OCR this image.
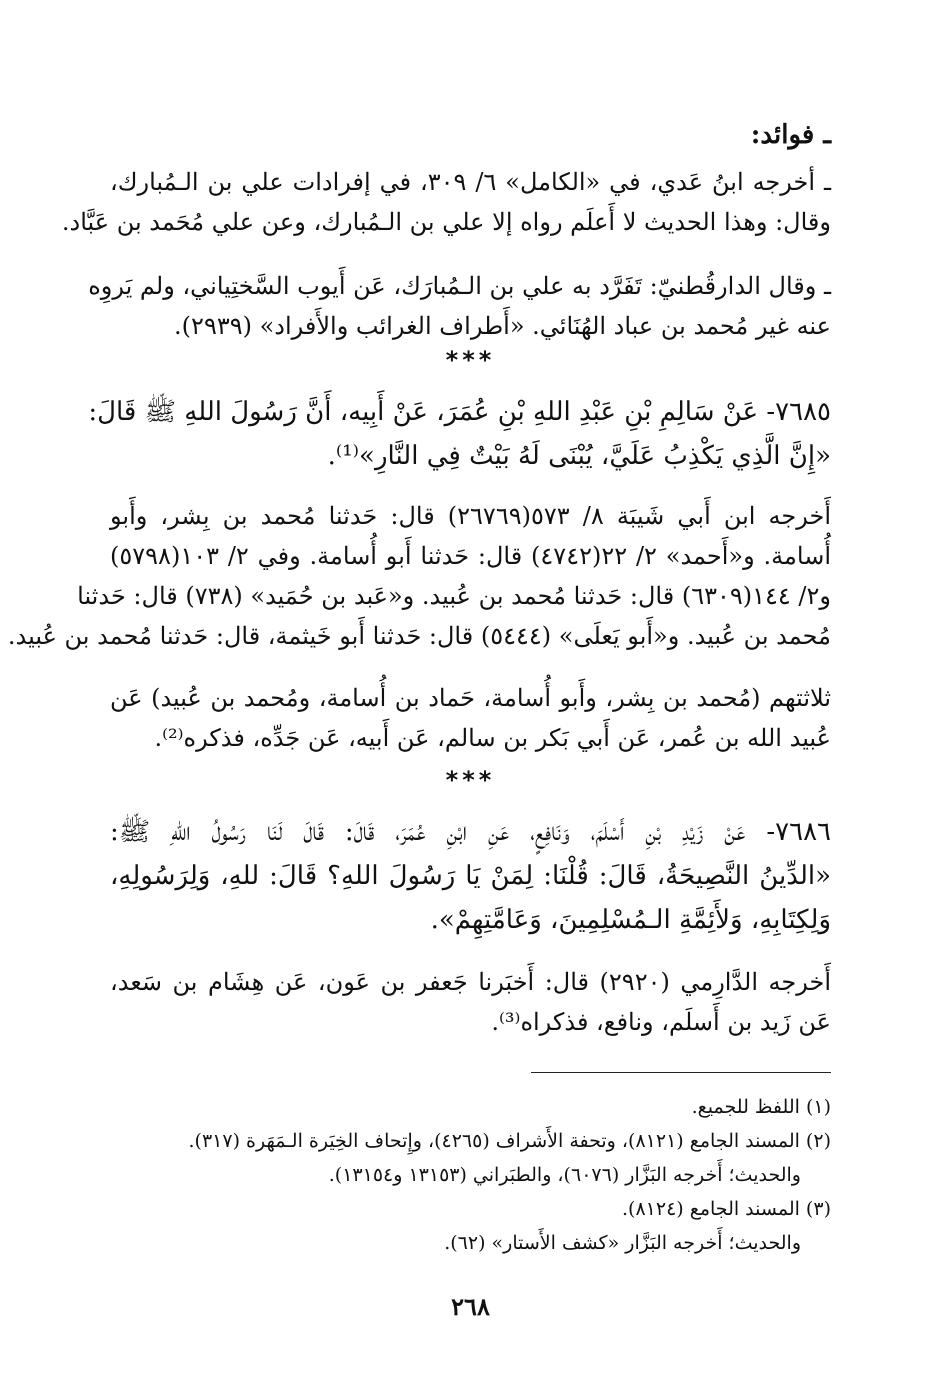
ـ فوائد:
ـ أخرجه ابنُ عَدي، في «الكامل» ٦/ ٣٠٩، في إفرادات علي بن الـمُبارك،
وقال: وهذا الحديث لا أَعلَم رواه إلا علي بن الـمُبارك، وعن علي مُحَمد بن عَبَّاد.
ـ وقال الدارقُطنيّ: تَفَرَّد به علي بن الـمُبارَك، عَن أَيوب السَّختِياني، ولم يَروِه
عنه غير مُحمد بن عباد الهُنَائي. «أَطراف الغرائب والأَفراد» (٢٩٣٩).
***
٧٦٨٥- عَنْ سَالِمِ بْنِ عَبْدِ اللهِ بْنِ عُمَرَ، عَنْ أَبِيه، أَنَّ رَسُولَ اللهِ ﷺ قَالَ:
«إِنَّ الَّذِي يَكْذِبُ عَلَيَّ، يُبْنَى لَهُ بَيْتٌ فِي النَّارِ»⁽¹⁾.
أَخرجه ابن أَبي شَيبَة ٨/ ٥٧٣(٢٦٧٦٩) قال: حَدثنا مُحمد بن بِشر، وأَبو
أُسامة. و«أَحمد» ٢/ ٢٢(٤٧٤٢) قال: حَدثنا أَبو أُسامة. وفي ٢/ ١٠٣(٥٧٩٨)
و٢/ ١٤٤(٦٣٠٩) قال: حَدثنا مُحمد بن عُبيد. و«عَبد بن حُمَيد» (٧٣٨) قال: حَدثنا
مُحمد بن عُبيد. و«أَبو يَعلَى» (٥٤٤٤) قال: حَدثنا أَبو خَيثمة، قال: حَدثنا مُحمد بن عُبيد.
ثلاثتهم (مُحمد بن بِشر، وأَبو أُسامة، حَماد بن أُسامة، ومُحمد بن عُبيد) عَن
عُبيد الله بن عُمر، عَن أَبي بَكر بن سالم، عَن أَبيه، عَن جَدِّه، فذكره⁽²⁾.
***
٧٦٨٦- عَنْ زَيْدِ بْنِ أَسْلَمَ، وَنَافِعٍ، عَنِ ابْنِ عُمَرَ، قَالَ: قَالَ لَنَا رَسُولُ اللهِ ﷺ:
«الدِّينُ النَّصِيحَةُ، قَالَ: قُلْنَا: لِمَنْ يَا رَسُولَ اللهِ؟ قَالَ: للهِ، وَلِرَسُولِهِ،
وَلِكِتَابِهِ، وَلأَئِمَّةِ الـمُسْلِمِينَ، وَعَامَّتِهِمْ».
أَخرجه الدَّارِمي (٢٩٢٠) قال: أَخبَرنا جَعفر بن عَون، عَن هِشَام بن سَعد،
عَن زَيد بن أَسلَم، ونافع، فذكراه⁽³⁾.
(١) اللفظ للجميع.
(٢) المسند الجامع (٨١٢١)، وتحفة الأَشراف (٤٢٦٥)، وإِتحاف الخِيَرة الـمَهَرة (٣١٧).
والحديث؛ أَخرجه البَزَّار (٦٠٧٦)، والطبَراني (١٣١٥٣ و١٣١٥٤).
(٣) المسند الجامع (٨١٢٤).
والحديث؛ أَخرجه البَزَّار «كشف الأَستار» (٦٢).
٢٦٨
